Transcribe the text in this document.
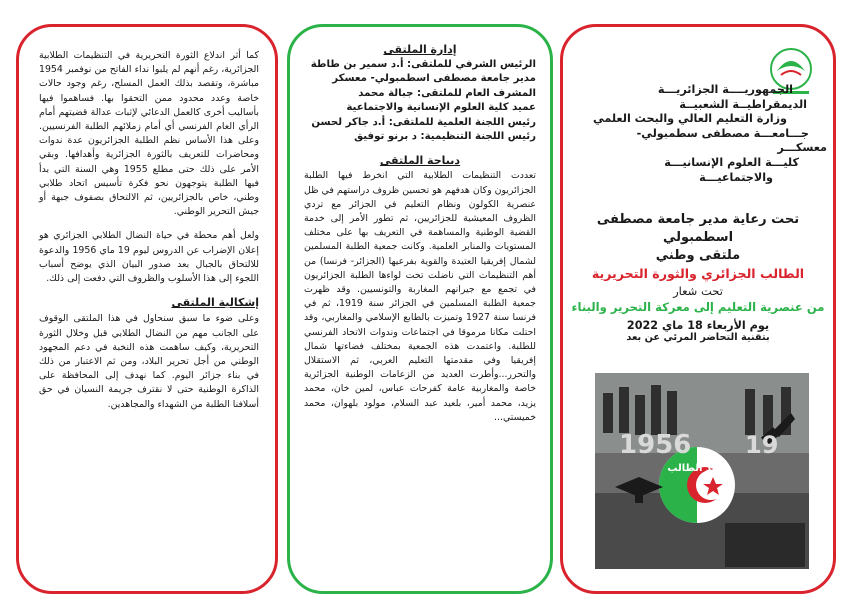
كما أثر اندلاع الثورة التحريرية في التنظيمات الطلابية الجزائرية، رغم أنهم لم يلبوا نداء الفاتح من نوفمبر 1954 مباشرة، وتقصد بذلك العمل المسلح، رغم وجود حالات خاصة وعدد محدود ممن التحقوا بها. فساهموا فيها بأساليب أخرى كالعمل الدعائي لإثبات عدالة قضيتهم أمام الرأي العام الفرنسي أي أمام زملائهم الطلبة الفرنسيين. وعلى هذا الأساس نظم الطلبة الجزائريون عدة ندوات ومحاضرات للتعريف بالثورة الجزائرية وأهدافها. وبقي الأمر على ذلك حتى مطلع 1955 وهي السنة التي بدأ فيها الطلبة يتوجهون نحو فكرة تأسيس اتحاد طلابي وطني، خاص بالجزائريين، ثم الالتحاق بصفوف جبهة أو جيش التحرير الوطني.

ولعل أهم محطة في حياة النضال الطلابي الجزائري هو إعلان الإضراب عن الدروس ليوم 19 ماي 1956 والدعوة للالتحاق بالجبال بعد صدور البيان الذي يوضح أسباب اللجوء إلى هذا الأسلوب والظروف التي دفعت إلى ذلك.

إشكالية الملتقى

وعلى ضوء ما سبق سنحاول في هذا الملتقى الوقوف على الجانب مهم من النضال الطلابي قبل وخلال الثورة التحريرية، وكيف ساهمت هذه النخبة في دعم المجهود الوطني من أجل تحرير البلاد، ومن ثم الاعتبار من ذلك في بناء جزائر اليوم. كما نهدف إلى المحافظة على الذاكرة الوطنية حتى لا نقترف جريمة النسيان في حق أسلافنا الطلبة من الشهداء والمجاهدين.

إدارة الملتقى
الرئيس الشرفي للملتقى: أ.د سمير بن طاطة
مدير جامعة مصطفى اسطمبولي- معسكر
المشرف العام للملتقى: جبالة محمد
عميد كلية العلوم الإنسانية والاجتماعية
رئيس اللجنة العلمية للملتقى: أ.د جاكر لحسن
رئيس اللجنة التنظيمية: د برنو توفيق
ديباجة الملتقى

تعددت التنظيمات الطلابية التي انخرط فيها الطلبة الجزائريون وكان هدفهم هو تحسين ظروف دراستهم في ظل عنصرية الكولون ونظام التعليم في الجزائر مع تردي الظروف المعيشية للجزائريين، ثم تطور الأمر إلى خدمة القضية الوطنية والمساهمة في التعريف بها على مختلف المستويات والمنابر العلمية. وكانت جمعية الطلبة المسلمين لشمال إفريقيا العتيدة والقوية بفرعيها (الجزائر- فرنسا) من أهم التنظيمات التي ناضلت تحت لواءها الطلبة الجزائريون في تجمع مع جيرانهم المغاربة والتونسيين. وقد ظهرت جمعية الطلبة المسلمين في الجزائر سنة 1919، ثم في فرنسا سنة 1927 وتميزت بالطابع الإسلامي والمغاربي، وقد احتلت مكانا مرموقا في اجتماعات وندوات الاتحاد الفرنسي للطلبة. واعتمدت هذه الجمعية بمختلف فضاءتها شمال إفريقيا وفي مقدمتها التعليم العربي، ثم الاستقلال والتحرر...وأطرت العديد من الزعامات الوطنية الجزائرية خاصة والمغاربية عامة كفرحات عباس، لمين خان، محمد يزيد، محمد أمير، بلعيد عبد السلام، مولود بلهوان، محمد خميستي...

الجمهوريــــة الجزائريـــة
الديمقراطيــة الشعبيــة
وزارة التعليم العالي والبحث العلمي
جـــامعـــة مصطفى سطمبولي-
معسكـــر
كليـــة العلوم الإنسانيـــة
والاجتماعيـــة
تحت رعاية مدير جامعة مصطفى
اسطمبولي
ملتقى وطني
الطالب الجزائري والثورة التحريرية
تحت شعار
من عنصرية التعليم إلى معركة التحرير والبناء
يوم الأربعاء 18 ماي 2022
بتقنية التحاضر المرئي عن بعد
1956 19
عيد الطالب
